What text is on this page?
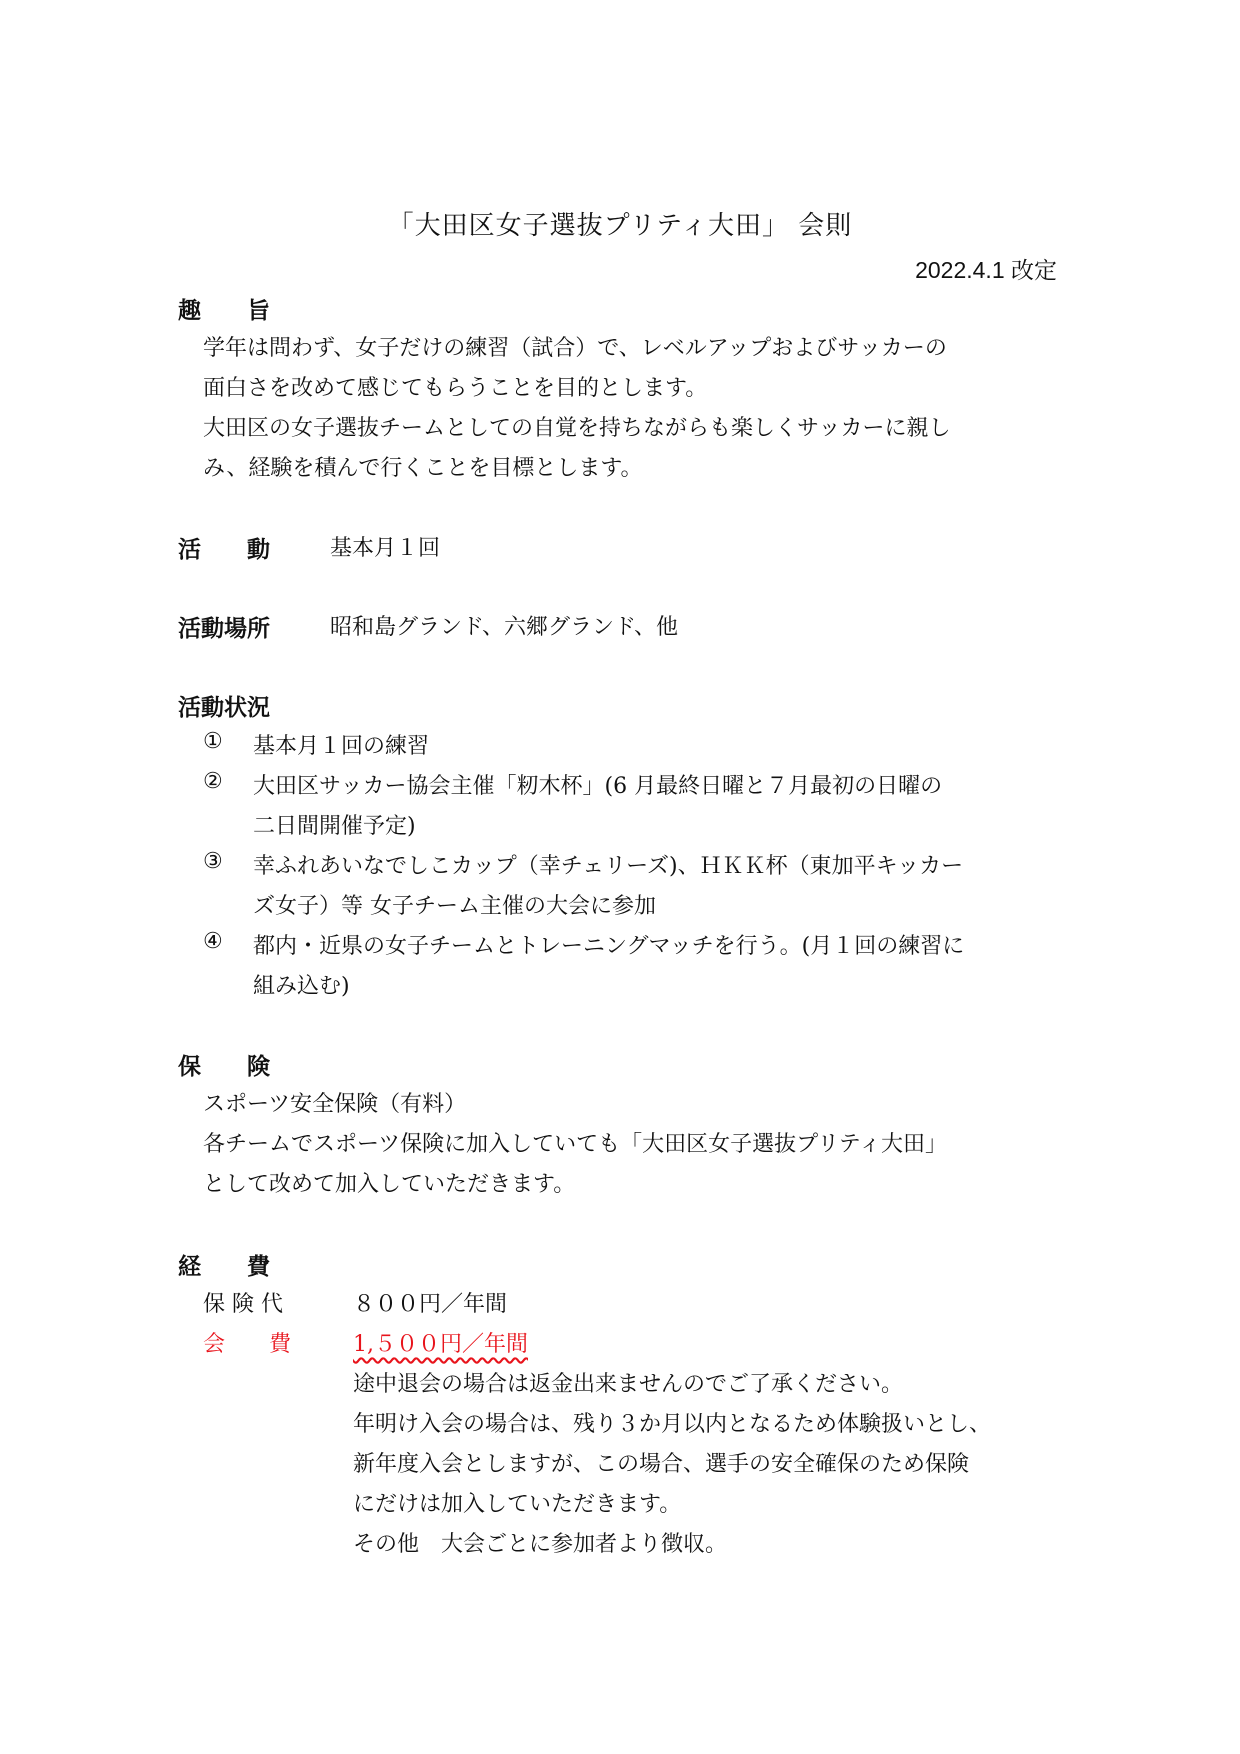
「大田区女子選抜プリティ大田」 会則
2022.4.1 改定
趣　　旨
学年は問わず、女子だけの練習（試合）で、レベルアップおよびサッカーの
面白さを改めて感じてもらうことを目的とします。
大田区の女子選抜チームとしての自覚を持ちながらも楽しくサッカーに親し
み、経験を積んで行くことを目標とします。
活　　動	基本月１回
活動場所	昭和島グランド、六郷グランド、他
活動状況
① 基本月１回の練習
② 大田区サッカー協会主催「籾木杯」(6 月最終日曜と７月最初の日曜の
二日間開催予定)
③ 幸ふれあいなでしこカップ（幸チェリーズ)、ＨＫＫ杯（東加平キッカー
ズ女子）等 女子チーム主催の大会に参加
④ 都内・近県の女子チームとトレーニングマッチを行う。(月１回の練習に
組み込む)
保　　険
スポーツ安全保険（有料）
各チームでスポーツ保険に加入していても「大田区女子選抜プリティ大田」
として改めて加入していただきます。
経　　費
保 険 代	８００円／年間
会　　費	1,５００円／年間
途中退会の場合は返金出来ませんのでご了承ください。
年明け入会の場合は、残り３か月以内となるため体験扱いとし、
新年度入会としますが、この場合、選手の安全確保のため保険
にだけは加入していただきます。
その他　大会ごとに参加者より徴収。
